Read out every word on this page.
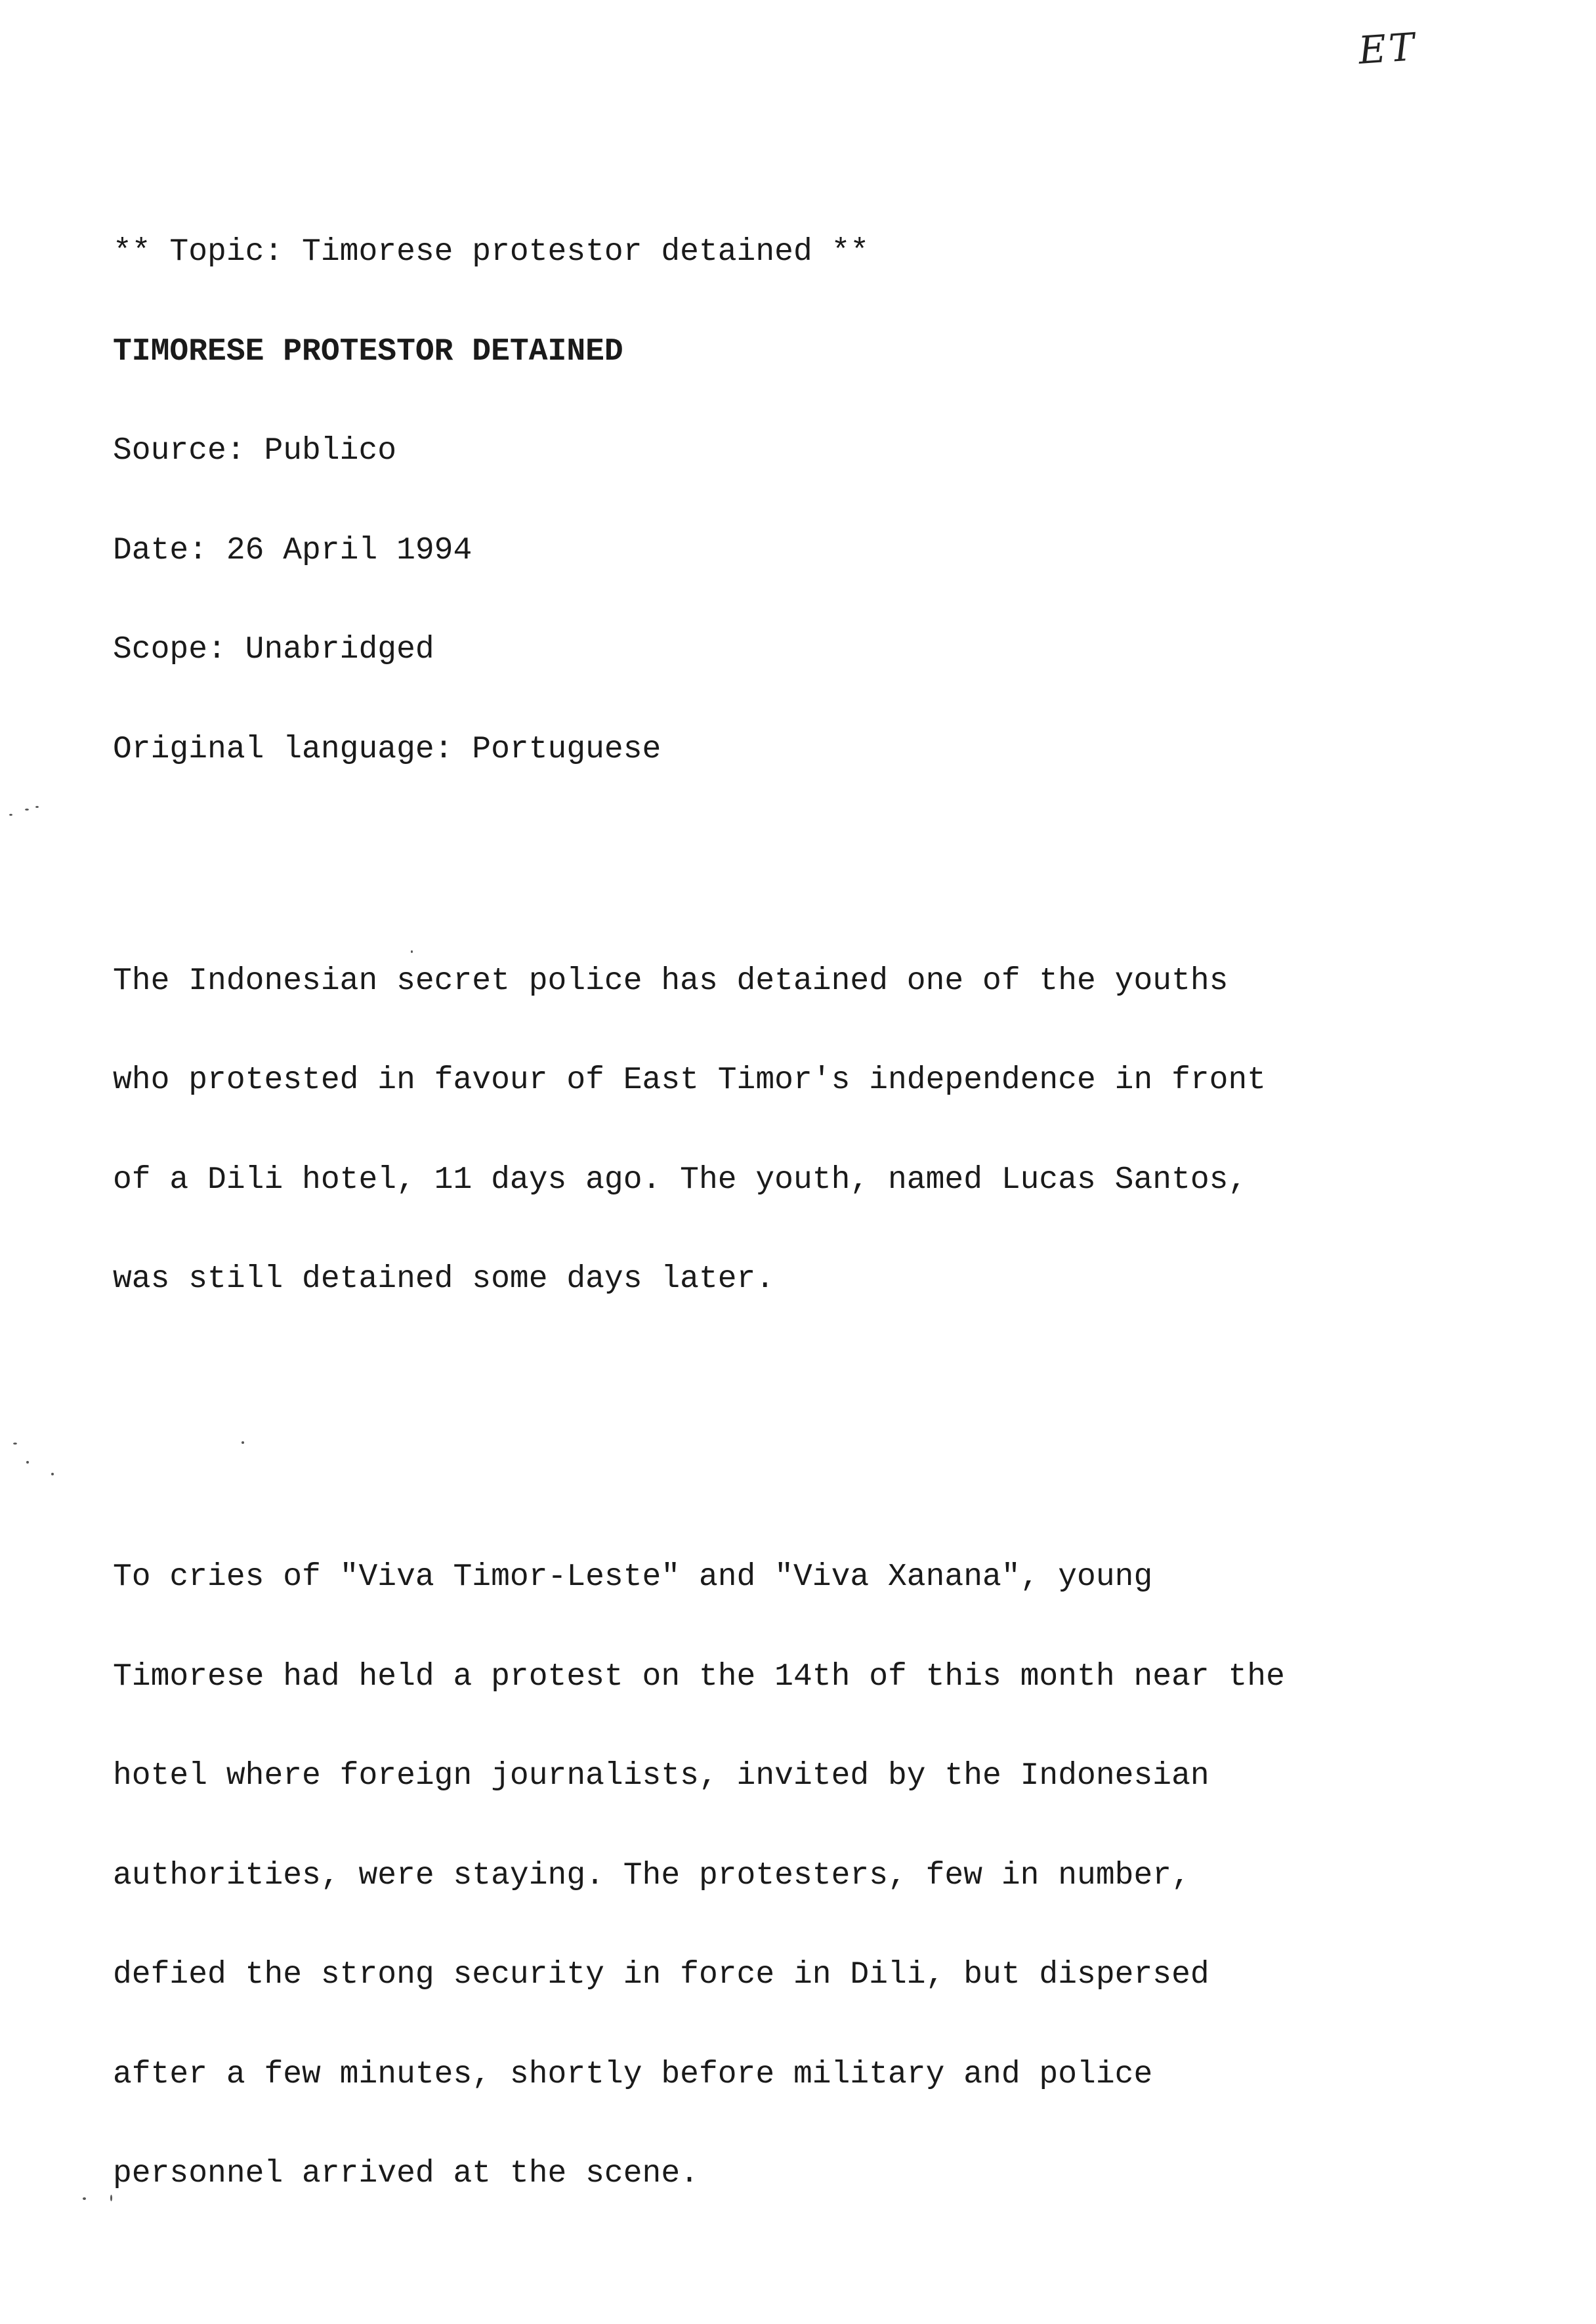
ET

** Topic: Timorese protestor detained **

TIMORESE PROTESTOR DETAINED

Source: Publico

Date: 26 April 1994

Scope: Unabridged

Original language: Portuguese

The Indonesian secret police has detained one of the youths

who protested in favour of East Timor's independence in front

of a Dili hotel, 11 days ago. The youth, named Lucas Santos,

was still detained some days later.

To cries of "Viva Timor-Leste" and "Viva Xanana", young

Timorese had held a protest on the 14th of this month near the

hotel where foreign journalists, invited by the Indonesian

authorities, were staying. The protesters, few in number,

defied the strong security in force in Dili, but dispersed

after a few minutes, shortly before military and police

personnel arrived at the scene.
